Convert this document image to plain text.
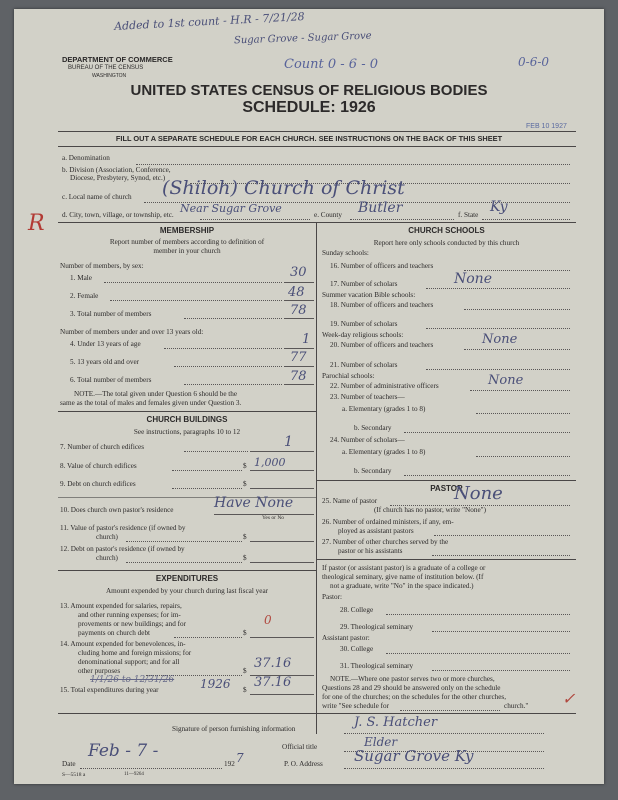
Added to 1st count - H.R - 7/21/28
Sugar Grove - Sugar Grove
Count 0 - 6 - 0	0-6-0
DEPARTMENT OF COMMERCE
BUREAU OF THE CENSUS
WASHINGTON
UNITED STATES CENSUS OF RELIGIOUS BODIES
SCHEDULE: 1926
FEB 10 1927
FILL OUT A SEPARATE SCHEDULE FOR EACH CHURCH. SEE INSTRUCTIONS ON THE BACK OF THIS SHEET
a. Denomination
b. Division (Association, Conference,
Diocese, Presbytery, Synod, etc.)
c. Local name of church (Shiloh) Church of Christ
d. City, town, village, or township, etc. Near Sugar Grove	e. County Butler	f. State Ky
R	MEMBERSHIP
Report number of members according to definition of
member in your church
Number of members, by sex:
1. Male	30
2. Female	48
3. Total number of members	78
Number of members under and over 13 years old:
4. Under 13 years of age	1
5. 13 years old and over	77
6. Total number of members	78
NOTE.—The total given under Question 6 should be the
same as the total of males and females given under Question 3.
CHURCH BUILDINGS
See instructions, paragraphs 10 to 12
7. Number of church edifices	1
8. Value of church edifices	$ 1,000
9. Debt on church edifices	$
10. Does church own pastor's residence	Have None
Yes or No
11. Value of pastor's residence (if owned by
church)	$
12. Debt on pastor's residence (if owned by
church)	$
EXPENDITURES
Amount expended by your church during last fiscal year
13. Amount expended for salaries, repairs,
and other running expenses; for im-
provements or new buildings; and for
payments on church debt	$
0
14. Amount expended for benevolences, in-
cluding home and foreign missions; for
denominational support; and for all
other purposes	$ 37.16
1/1/26 to 12/31/26
15. Total expenditures during year	1926 $ 37.16
CHURCH SCHOOLS
Report here only schools conducted by this church
Sunday schools:
16. Number of officers and teachers
17. Number of scholars	None
Summer vacation Bible schools:
18. Number of officers and teachers
19. Number of scholars
Week-day religious schools:
20. Number of officers and teachers	None
21. Number of scholars
Parochial schools:
22. Number of administrative officers	None
23. Number of teachers—
a. Elementary (grades 1 to 8)
b. Secondary
24. Number of scholars—
a. Elementary (grades 1 to 8)
b. Secondary
PASTOR
25. Name of pastor	None
(If church has no pastor, write "None")
26. Number of ordained ministers, if any, em-
ployed as assistant pastors
27. Number of other churches served by the
pastor or his assistants
If pastor (or assistant pastor) is a graduate of a college or
theological seminary, give name of institution below. (If
not a graduate, write "No" in the space indicated.)
Pastor:
28. College
29. Theological seminary
Assistant pastor:
30. College
31. Theological seminary
NOTE.—Where one pastor serves two or more churches,
Questions 28 and 29 should be answered only on the schedule
for one of the churches; on the schedules for the other churches,
write "See schedule for	church." ✓
Signature of person furnishing information	J. S. Hatcher
Official title	Elder
Date
Feb - 7 -
192 7	P. O. Address Sugar Grove Ky
S—5518 a	11—9264
